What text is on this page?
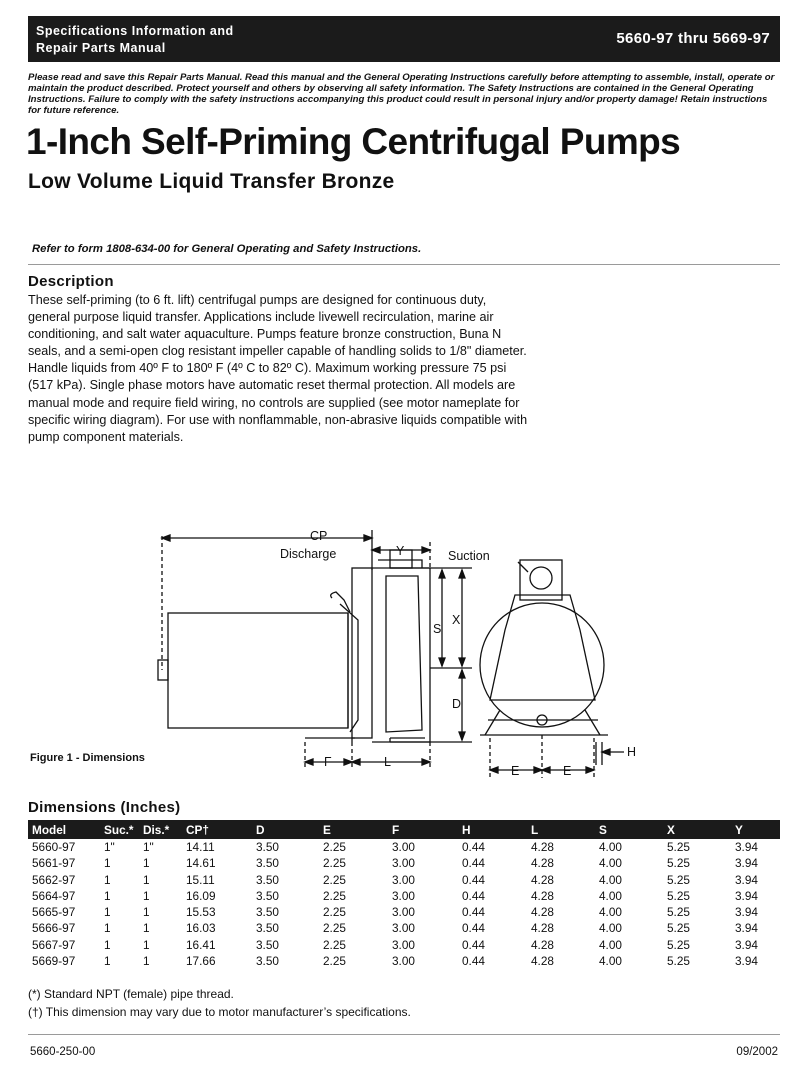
Specifications Information and
Repair Parts Manual
5660-97 thru 5669-97
Please read and save this Repair Parts Manual. Read this manual and the General Operating Instructions carefully before attempting to assemble, install, operate or maintain the product described. Protect yourself and others by observing all safety information. The Safety Instructions are contained in the General Operating Instructions. Failure to comply with the safety instructions accompanying this product could result in personal injury and/or property damage! Retain instructions for future reference.
1-Inch Self-Priming Centrifugal Pumps
Low Volume Liquid Transfer Bronze
Refer to form 1808-634-00 for General Operating and Safety Instructions.
Description
These self-priming (to 6 ft. lift) centrifugal pumps are designed for continuous duty, general purpose liquid transfer. Applications include livewell recirculation, marine air conditioning, and salt water aquaculture. Pumps feature bronze construction, Buna N seals, and a semi-open clog resistant impeller capable of handling solids to 1/8" diameter. Handle liquids from 40º F to 180º F (4º C to 82º C). Maximum working pressure 75 psi (517 kPa). Single phase motors have automatic reset thermal protection. All models are manual mode and require field wiring, no controls are supplied (see motor nameplate for specific wiring diagram). For use with nonflammable, non-abrasive liquids compatible with pump component materials.
CP
Discharge	Y	Suction
X
S
D
F	L
H
E	E
Figure 1 - Dimensions
Dimensions (Inches)
Model	Suc.*	Dis.*	CP†	D	E	F	H	L	S	X	Y
5660-97	1"	1"	14.11	3.50	2.25	3.00	0.44	4.28	4.00	5.25	3.94
5661-97	1	1	14.61	3.50	2.25	3.00	0.44	4.28	4.00	5.25	3.94
5662-97	1	1	15.11	3.50	2.25	3.00	0.44	4.28	4.00	5.25	3.94
5664-97	1	1	16.09	3.50	2.25	3.00	0.44	4.28	4.00	5.25	3.94
5665-97	1	1	15.53	3.50	2.25	3.00	0.44	4.28	4.00	5.25	3.94
5666-97	1	1	16.03	3.50	2.25	3.00	0.44	4.28	4.00	5.25	3.94
5667-97	1	1	16.41	3.50	2.25	3.00	0.44	4.28	4.00	5.25	3.94
5669-97	1	1	17.66	3.50	2.25	3.00	0.44	4.28	4.00	5.25	3.94
(*) Standard NPT (female) pipe thread.
(†) This dimension may vary due to motor manufacturer’s specifications.
5660-250-00	09/2002
